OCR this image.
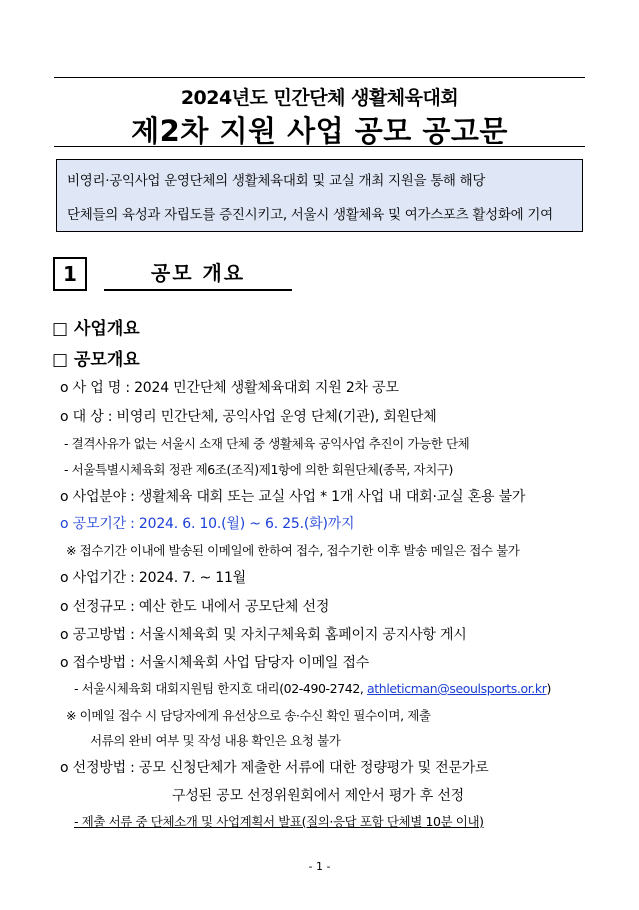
2024년도 민간단체 생활체육대회
제2차 지원 사업 공모 공고문
비영리·공익사업 운영단체의 생활체육대회 및 교실 개최 지원을 통해 해당
단체들의 육성과 자립도를 증진시키고, 서울시 생활체육 및 여가스포츠 활성화에 기여
1	공모 개요
□ 사업개요
□ 공모개요
o 사 업 명 : 2024 민간단체 생활체육대회 지원 2차 공모
o 대 상 : 비영리 민간단체, 공익사업 운영 단체(기관), 회원단체
- 결격사유가 없는 서울시 소재 단체 중 생활체육 공익사업 추진이 가능한 단체
- 서울특별시체육회 정관 제6조(조직)제1항에 의한 회원단체(종목, 자치구)
o 사업분야 : 생활체육 대회 또는 교실 사업 * 1개 사업 내 대회·교실 혼용 불가
o 공모기간 : 2024. 6. 10.(월) ~ 6. 25.(화)까지
※ 접수기간 이내에 발송된 이메일에 한하여 접수, 접수기한 이후 발송 메일은 접수 불가
o 사업기간 : 2024. 7. ~ 11월
o 선정규모 : 예산 한도 내에서 공모단체 선정
o 공고방법 : 서울시체육회 및 자치구체육회 홈페이지 공지사항 게시
o 접수방법 : 서울시체육회 사업 담당자 이메일 접수
- 서울시체육회 대회지원팀 한지호 대리(02-490-2742, athleticman@seoulsports.or.kr)
※ 이메일 접수 시 담당자에게 유선상으로 송·수신 확인 필수이며, 제출
서류의 완비 여부 및 작성 내용 확인은 요청 불가
o 선정방법 : 공모 신청단체가 제출한 서류에 대한 정량평가 및 전문가로
구성된 공모 선정위원회에서 제안서 평가 후 선정
- 제출 서류 중 단체소개 및 사업계획서 발표(질의·응답 포함 단체별 10분 이내)
- 1 -
